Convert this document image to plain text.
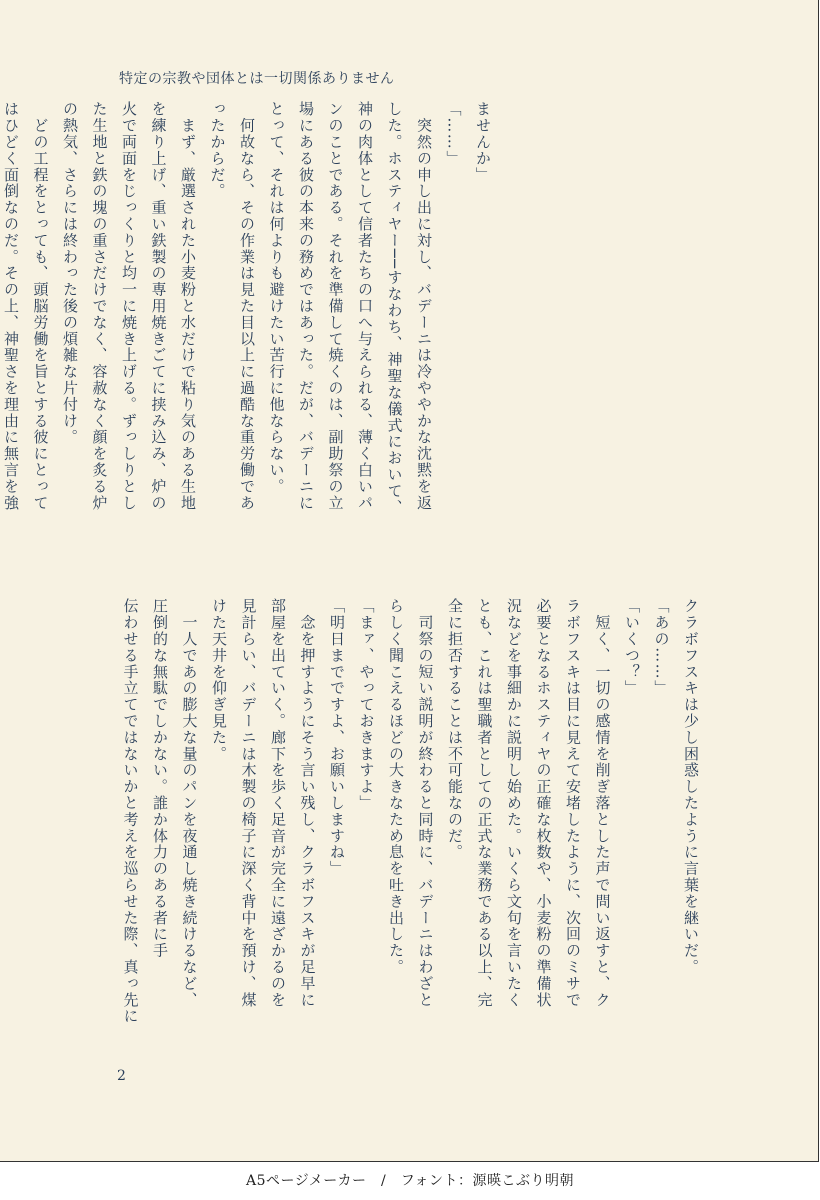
特定の宗教や団体とは一切関係ありません
ませんか」
「……」
　突然の申し出に対し、バデーニは冷ややかな沈黙を返
した。ホスティヤー──すなわち、神聖な儀式において、
神の肉体として信者たちの口へ与えられる、薄く白いパ
ンのことである。それを準備して焼くのは、副助祭の立
場にある彼の本来の務めではあった。だが、バデーニに
とって、それは何よりも避けたい苦行に他ならない。
　何故なら、その作業は見た目以上に過酷な重労働であ
ったからだ。
　まず、厳選された小麦粉と水だけで粘り気のある生地
を練り上げ、重い鉄製の専用焼きごてに挟み込み、炉の
火で両面をじっくりと均一に焼き上げる。ずっしりとし
た生地と鉄の塊の重さだけでなく、容赦なく顔を炙る炉
の熱気、さらには終わった後の煩雑な片付け。
　どの工程をとっても、頭脳労働を旨とする彼にとって
はひどく面倒なのだ。その上、神聖さを理由に無言を強
クラボフスキは少し困惑したように言葉を継いだ。
「あの……」
「いくつ？」
　短く、一切の感情を削ぎ落とした声で問い返すと、ク
ラボフスキは目に見えて安堵したように、次回のミサで
必要となるホスティヤの正確な枚数や、小麦粉の準備状
況などを事細かに説明し始めた。いくら文句を言いたく
とも、これは聖職者としての正式な業務である以上、完
全に拒否することは不可能なのだ。
　司祭の短い説明が終わると同時に、バデーニはわざと
らしく聞こえるほどの大きなため息を吐き出した。
「まァ、やっておきますよ」
「明日までですよ、お願いしますね」
　念を押すようにそう言い残し、クラボフスキが足早に
部屋を出ていく。廊下を歩く足音が完全に遠ざかるのを
見計らい、バデーニは木製の椅子に深く背中を預け、煤
けた天井を仰ぎ見た。
　一人であの膨大な量のパンを夜通し焼き続けるなど、
圧倒的な無駄でしかない。誰か体力のある者に手
伝わせる手立てではないかと考えを巡らせた際、真っ先に
2
A5ページメーカー　/　フォント：源暎こぶり明朝
